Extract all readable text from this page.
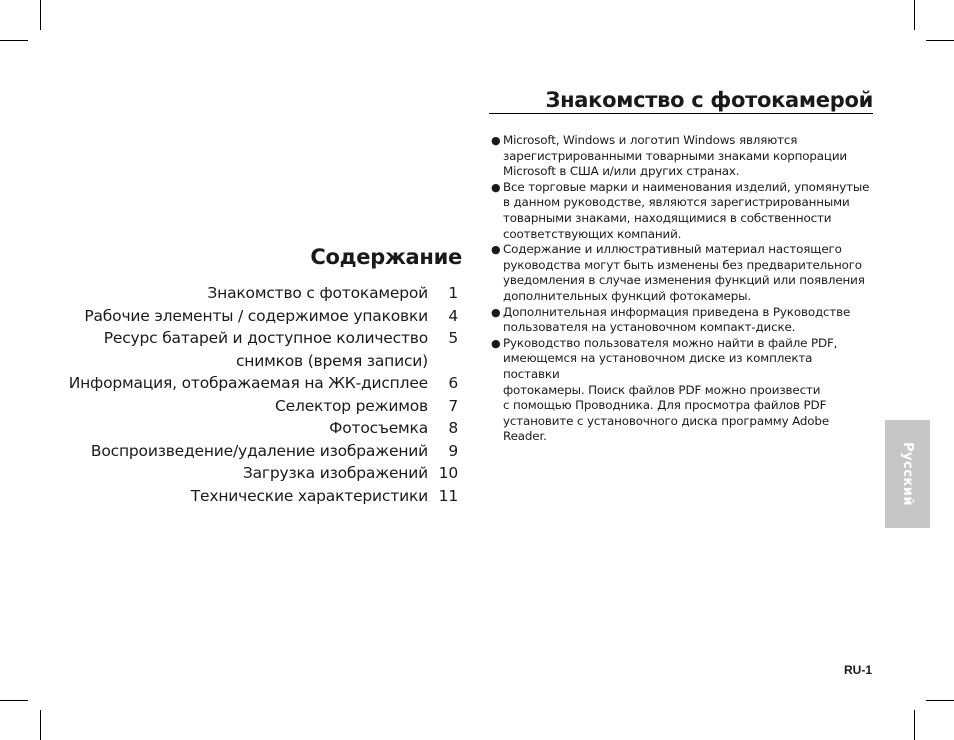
Содержание
Знакомство с фотокамерой	1
Рабочие элементы / содержимое упаковки	4
Ресурс батарей и доступное количество	5
снимков (время записи)
Информация, отображаемая на ЖК-дисплее	6
Селектор режимов	7
Фотосъемка	8
Воспроизведение/удаление изображений	9
Загрузка изображений 10
Технические характеристики 11
Знакомство с фотокамерой
● Microsoft, Windows и логотип Windows являются
зарегистрированными товарными знаками корпорации
Microsoft в США и/или других странах.
● Все торговые марки и наименования изделий, упомянутые
в данном руководстве, являются зарегистрированными
товарными знаками, находящимися в собственности
соответствующих компаний.
● Содержание и иллюстративный материал настоящего
руководства могут быть изменены без предварительного
уведомления в случае изменения функций или появления
дополнительных функций фотокамеры.
● Дополнительная информация приведена в Руководстве
пользователя на установочном компакт-диске.
● Руководство пользователя можно найти в файле PDF,
имеющемся на установочном диске из комплекта поставки
фотокамеры. Поиск файлов PDF можно произвести
с помощью Проводника. Для просмотра файлов PDF
установите с установочного диска программу Adobe
Reader.
Русский
RU-1
